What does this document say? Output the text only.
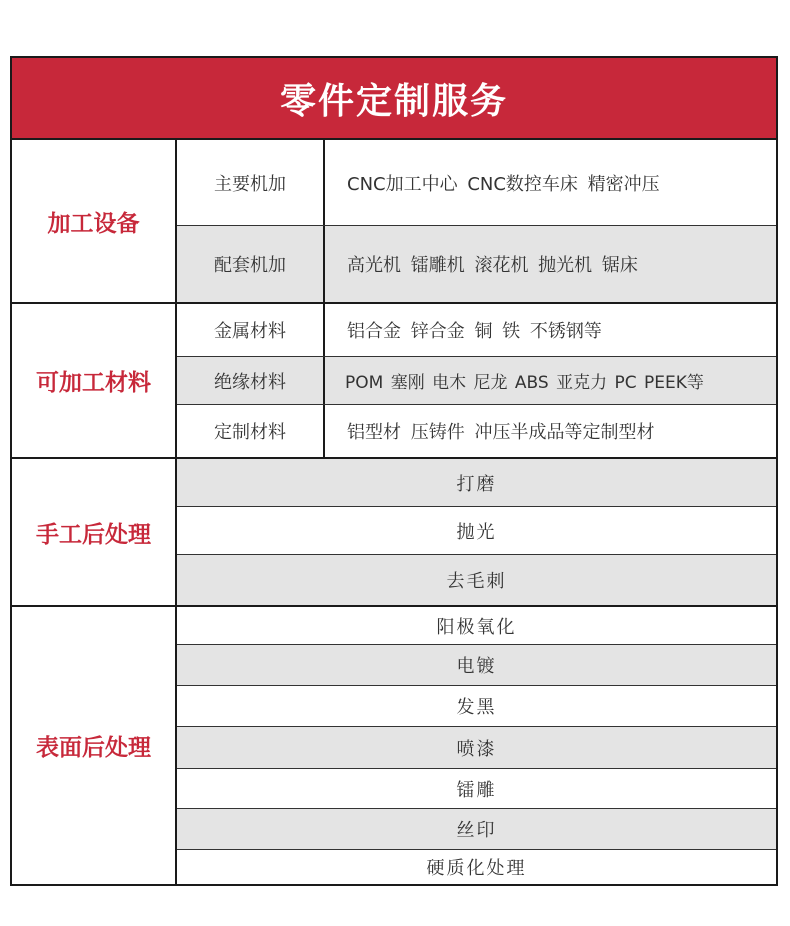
零件定制服务
加工设备
主要机加	CNC加工中心 CNC数控车床 精密冲压
配套机加	高光机 镭雕机 滚花机 抛光机 锯床
可加工材料
金属材料	铝合金 锌合金 铜 铁 不锈钢等
绝缘材料	POM 塞刚 电木 尼龙 ABS 亚克力 PC PEEK等
定制材料	铝型材 压铸件 冲压半成品等定制型材
手工后处理
打磨
抛光
去毛刺
表面后处理
阳极氧化
电镀
发黑
喷漆
镭雕
丝印
硬质化处理
